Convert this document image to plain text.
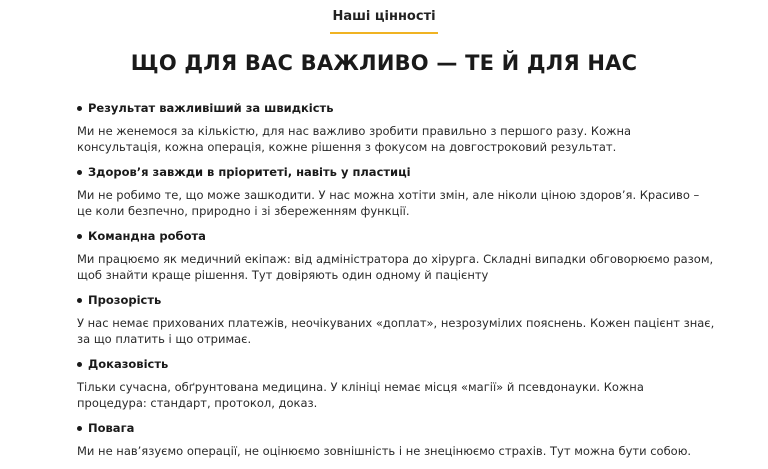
Наші цінності
ЩО ДЛЯ ВАС ВАЖЛИВО — ТЕ Й ДЛЯ НАС
Результат важливіший за швидкість
Ми не женемося за кількістю, для нас важливо зробити правильно з першого разу. Кожна консультація, кожна операція, кожне рішення з фокусом на довгостроковий результат.
Здоров’я завжди в пріоритеті, навіть у пластиці
Ми не робимо те, що може зашкодити. У нас можна хотіти змін, але ніколи ціною здоров’я. Красиво – це коли безпечно, природно і зі збереженням функції.
Командна робота
Ми працюємо як медичний екіпаж: від адміністратора до хірурга. Складні випадки обговорюємо разом, щоб знайти краще рішення. Тут довіряють один одному й пацієнту
Прозорість
У нас немає прихованих платежів, неочікуваних «доплат», незрозумілих пояснень. Кожен пацієнт знає, за що платить і що отримає.
Доказовість
Тільки сучасна, обґрунтована медицина. У клініці немає місця «магії» й псевдонауки. Кожна процедура: стандарт, протокол, доказ.
Повага
Ми не нав’язуємо операції, не оцінюємо зовнішність і не знецінюємо страхів. Тут можна бути собою.
